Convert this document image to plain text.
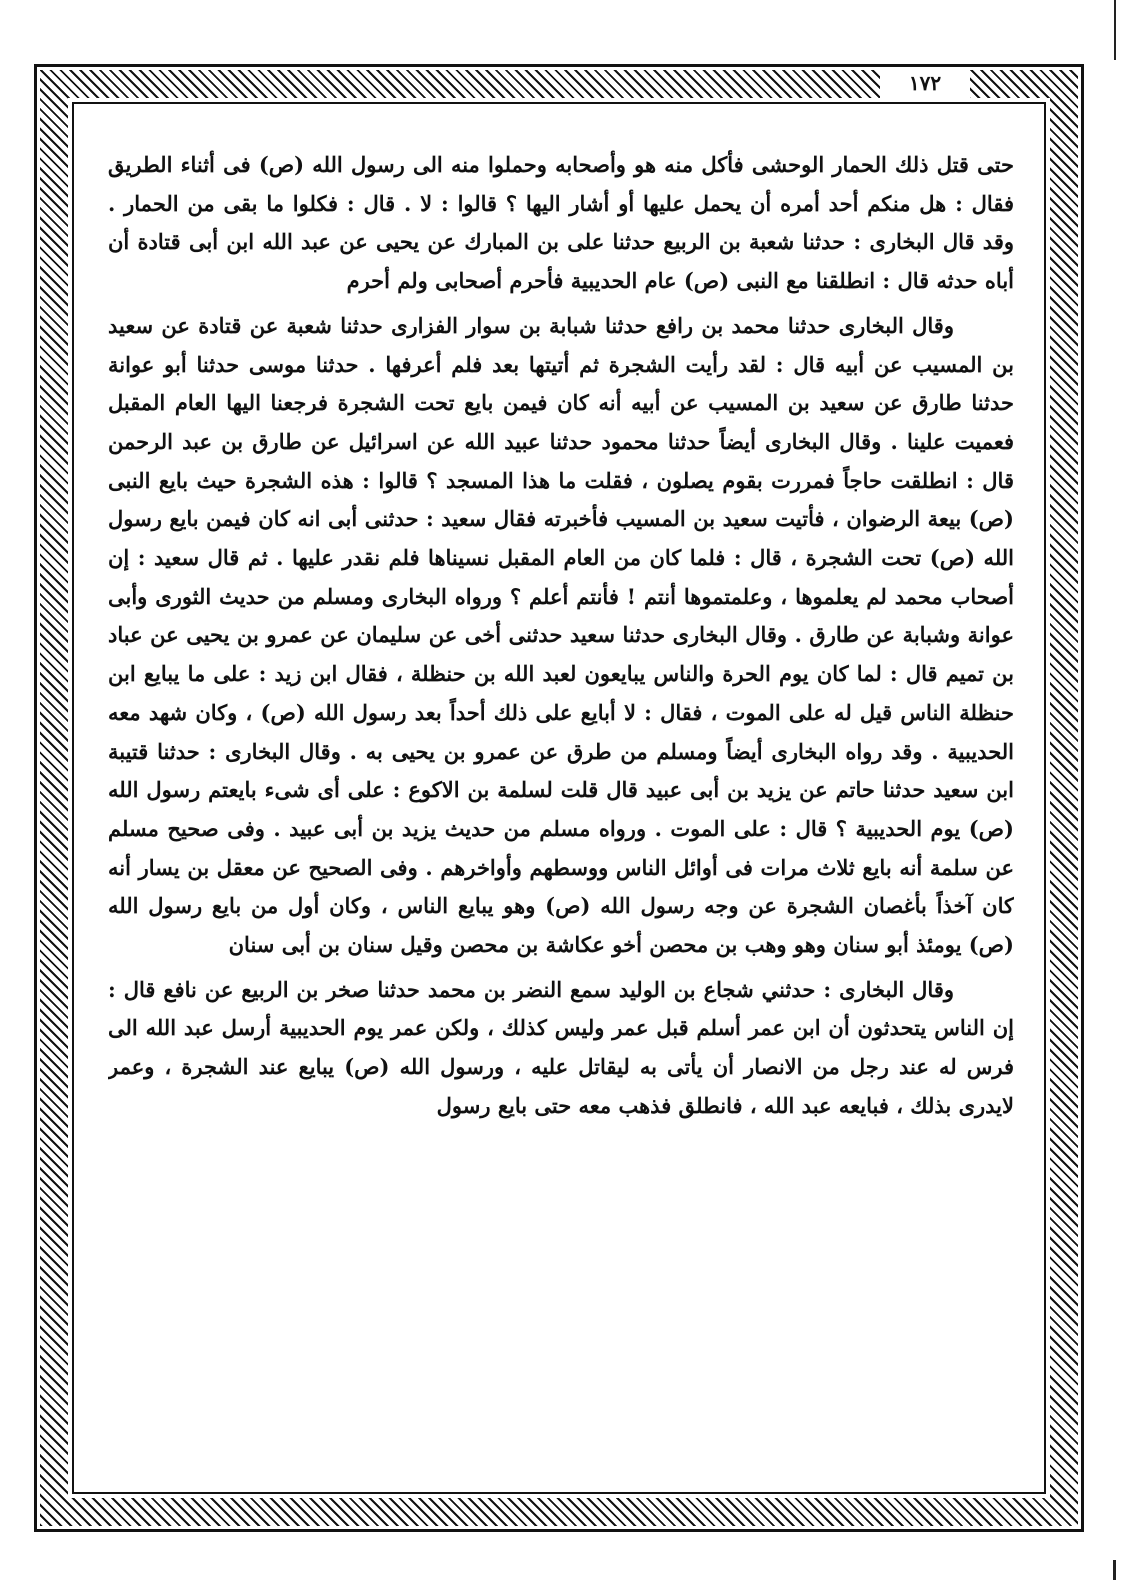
١٧٢

حتى قتل ذلك الحمار الوحشى فأكل منه هو وأصحابه وحملوا منه الى رسول الله (ص) فى أثناء الطريق فقال : هل منكم أحد أمره أن يحمل عليها أو أشار اليها ؟ قالوا : لا . قال : فكلوا ما بقى من الحمار . وقد قال البخارى : حدثنا شعبة بن الربيع حدثنا على بن المبارك عن يحيى عن عبد الله ابن أبى قتادة أن أباه حدثه قال : انطلقنا مع النبى (ص) عام الحديبية فأحرم أصحابى ولم أحرم

وقال البخارى حدثنا محمد بن رافع حدثنا شبابة بن سوار الفزارى حدثنا شعبة عن قتادة عن سعيد بن المسيب عن أبيه قال : لقد رأيت الشجرة ثم أتيتها بعد فلم أعرفها . حدثنا موسى حدثنا أبو عوانة حدثنا طارق عن سعيد بن المسيب عن أبيه أنه كان فيمن بايع تحت الشجرة فرجعنا اليها العام المقبل فعميت علينا . وقال البخارى أيضاً حدثنا محمود حدثنا عبيد الله عن اسرائيل عن طارق بن عبد الرحمن قال : انطلقت حاجاً فمررت بقوم يصلون ، فقلت ما هذا المسجد ؟ قالوا : هذه الشجرة حيث بايع النبى (ص) بيعة الرضوان ، فأتيت سعيد بن المسيب فأخبرته فقال سعيد : حدثنى أبى انه كان فيمن بايع رسول الله (ص) تحت الشجرة ، قال : فلما كان من العام المقبل نسيناها فلم نقدر عليها . ثم قال سعيد : إن أصحاب محمد لم يعلموها ، وعلمتموها أنتم ! فأنتم أعلم ؟ ورواه البخارى ومسلم من حديث الثورى وأبى عوانة وشبابة عن طارق . وقال البخارى حدثنا سعيد حدثنى أخى عن سليمان عن عمرو بن يحيى عن عباد بن تميم قال : لما كان يوم الحرة والناس يبايعون لعبد الله بن حنظلة ، فقال ابن زيد : على ما يبايع ابن حنظلة الناس قيل له على الموت ، فقال : لا أبايع على ذلك أحداً بعد رسول الله (ص) ، وكان شهد معه الحديبية . وقد رواه البخارى أيضاً ومسلم من طرق عن عمرو بن يحيى به . وقال البخارى : حدثنا قتيبة ابن سعيد حدثنا حاتم عن يزيد بن أبى عبيد قال قلت لسلمة بن الاكوع : على أى شىء بايعتم رسول الله (ص) يوم الحديبية ؟ قال : على الموت . ورواه مسلم من حديث يزيد بن أبى عبيد . وفى صحيح مسلم عن سلمة أنه بايع ثلاث مرات فى أوائل الناس ووسطهم وأواخرهم . وفى الصحيح عن معقل بن يسار أنه كان آخذاً بأغصان الشجرة عن وجه رسول الله (ص) وهو يبايع الناس ، وكان أول من بايع رسول الله (ص) يومئذ أبو سنان وهو وهب بن محصن أخو عكاشة بن محصن وقيل سنان بن أبى سنان

وقال البخارى : حدثني شجاع بن الوليد سمع النضر بن محمد حدثنا صخر بن الربيع عن نافع قال : إن الناس يتحدثون أن ابن عمر أسلم قبل عمر وليس كذلك ، ولكن عمر يوم الحديبية أرسل عبد الله الى فرس له عند رجل من الانصار أن يأتى به ليقاتل عليه ، ورسول الله (ص) يبايع عند الشجرة ، وعمر لايدرى بذلك ، فبايعه عبد الله ، فانطلق فذهب معه حتى بايع رسول
